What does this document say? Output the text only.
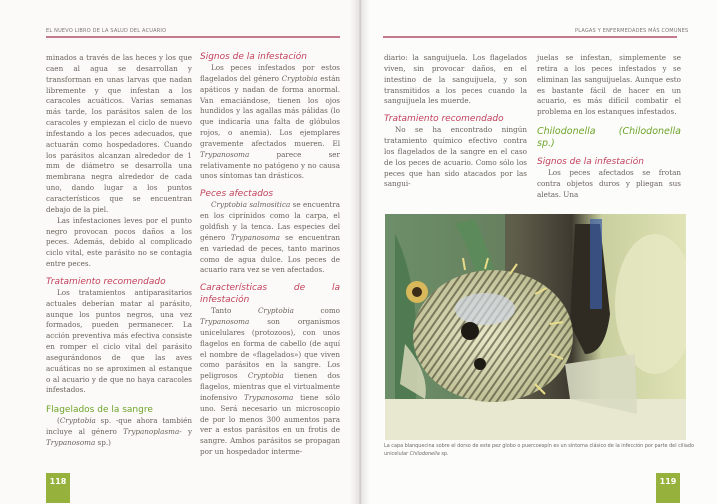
EL NUEVO LIBRO DE LA SALUD DEL ACUARIO	PLAGAS Y ENFERMEDADES MÁS COMUNES

minados a través de las heces y los que caen al agua se desarrollan y transforman en unas larvas que nadan libremente y que infestan a los caracoles acuáticos. Varias semanas más tarde, los parásitos salen de los caracoles y empiezan el ciclo de nuevo infestando a los peces adecuados, que actuarán como hospedadores. Cuando los parásitos alcanzan alrededor de 1 mm de diámetro se desarrolla una membrana negra alrededor de cada uno, dando lugar a los puntos característicos que se encuentran debajo de la piel.

Las infestaciones leves por el punto negro provocan pocos daños a los peces. Además, debido al complicado ciclo vital, este parásito no se contagia entre peces.

Tratamiento recomendado

Los tratamientos antiparasitarios actuales deberían matar al parásito, aunque los puntos negros, una vez formados, pueden permanecer. La acción preventiva más efectiva consiste en romper el ciclo vital del parásito asegurándonos de que las aves acuáticas no se aproximen al estanque o al acuario y de que no haya caracoles infestados.

Flagelados de la sangre

(Cryptobia sp. -que ahora también incluye al género Trypanoplasma- y Trypanosoma sp.)

Signos de la infestación

Los peces infestados por estos flagelados del género Cryptobia están apáticos y nadan de forma anormal. Van emaciándose, tienen los ojos hundidos y las agallas más pálidas (lo que indicaría una falta de glóbulos rojos, o anemia). Los ejemplares gravemente afectados mueren. El Trypanosoma parece ser relativamente no patógeno y no causa unos síntomas tan drásticos.

Peces afectados

Cryptobia salmositica se encuentra en los ciprínidos como la carpa, el goldfish y la tenca. Las especies del género Trypanosoma se encuentran en variedad de peces, tanto marinos como de agua dulce. Los peces de acuario rara vez se ven afectados.

Características de la infestación

Tanto Cryptobia como Trypanosoma son organismos unicelulares (protozoos), con unos flagelos en forma de cabello (de aquí el nombre de «flagelados») que viven como parásitos en la sangre. Los peligrosos Cryptobia tienen dos flagelos, mientras que el virtualmente inofensivo Trypanosoma tiene sólo uno. Será necesario un microscopio de por lo menos 300 aumentos para ver a estos parásitos en un frotis de sangre. Ambos parásitos se propagan por un hospedador interme-

118

diario: la sanguijuela. Los flagelados viven, sin provocar daños, en el intestino de la sanguijuela, y son transmitidos a los peces cuando la sanguijuela les muerde.

Tratamiento recomendado

No se ha encontrado ningún tratamiento químico efectivo contra los flagelados de la sangre en el caso de los peces de acuario. Como sólo los peces que han sido atacados por las sangui-

juelas se infestan, simplemente se retira a los peces infestados y se eliminan las sanguijuelas. Aunque esto es bastante fácil de hacer en un acuario, es más difícil combatir el problema en los estanques infestados.

Chilodonella (Chilodonella sp.)
Signos de la infestación

Los peces afectados se frotan contra objetos duros y pliegan sus aletas. Una

La capa blanquecina sobre el dorso de este pez globo o puercoespín es un síntoma clásico de la infección por parte del ciliado unicelular Chilodonella sp.
119
